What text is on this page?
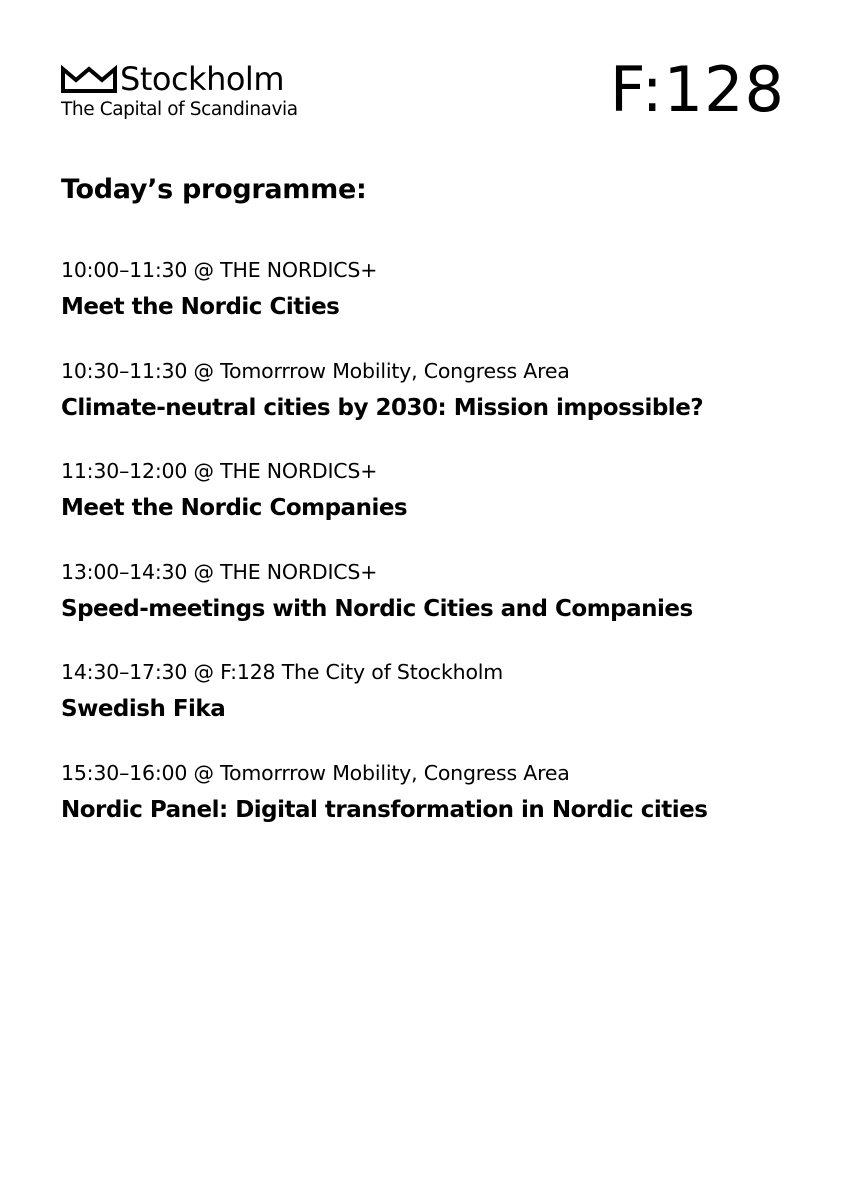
Stockholm
The Capital of Scandinavia	F:128
Today’s programme:
10:00–11:30 @ THE NORDICS+
Meet the Nordic Cities
10:30–11:30 @ Tomorrrow Mobility, Congress Area
Climate-neutral cities by 2030: Mission impossible?
11:30–12:00 @ THE NORDICS+
Meet the Nordic Companies
13:00–14:30 @ THE NORDICS+
Speed-meetings with Nordic Cities and Companies
14:30–17:30 @ F:128 The City of Stockholm
Swedish Fika
15:30–16:00 @ Tomorrrow Mobility, Congress Area
Nordic Panel: Digital transformation in Nordic cities
